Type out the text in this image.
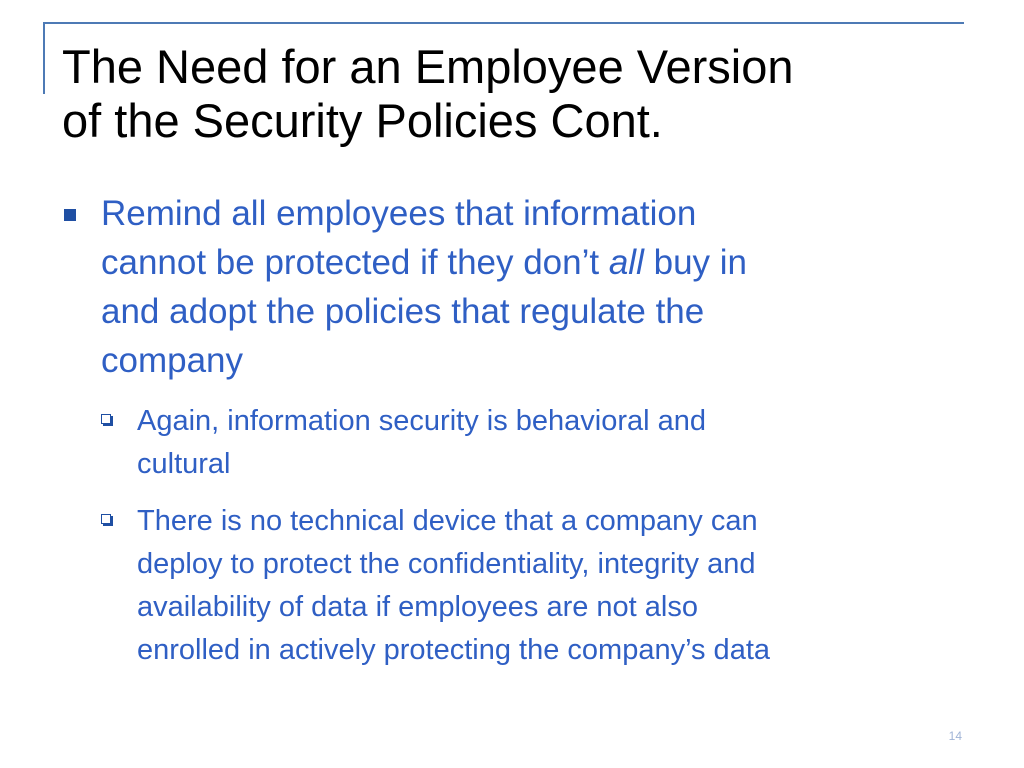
The Need for an Employee Version
of the Security Policies Cont.
Remind all employees that information
cannot be protected if they don’t all buy in
and adopt the policies that regulate the
company
Again, information security is behavioral and
cultural
There is no technical device that a company can
deploy to protect the confidentiality, integrity and
availability of data if employees are not also
enrolled in actively protecting the company’s data
14
